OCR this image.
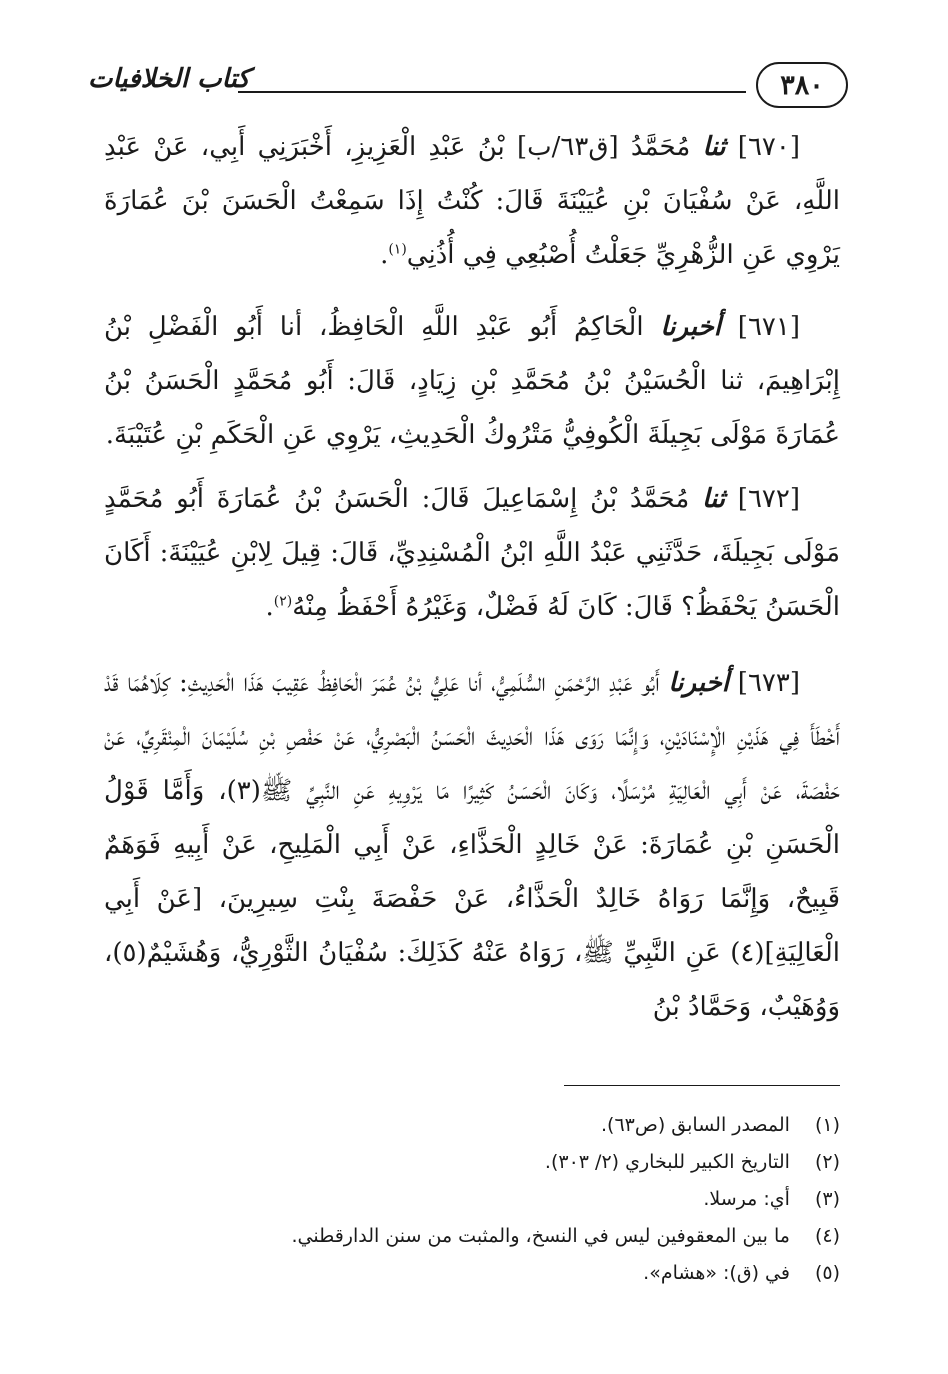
٣٨٠
كتاب الخلافيات

[٦٧٠] ثنا مُحَمَّدُ [ق٦٣/ب] بْنُ عَبْدِ الْعَزِيزِ، أَخْبَرَنِي أَبِي، عَنْ عَبْدِ اللَّهِ، عَنْ سُفْيَانَ بْنِ عُيَيْنَةَ قَالَ: كُنْتُ إِذَا سَمِعْتُ الْحَسَنَ بْنَ عُمَارَةَ يَرْوِي عَنِ الزُّهْرِيِّ جَعَلْتُ أُصْبُعِي فِي أُذُنِي$^{(١)}$.

[٦٧١] أخبرنا الْحَاكِمُ أَبُو عَبْدِ اللَّهِ الْحَافِظُ، أنا أَبُو الْفَضْلِ بْنُ إِبْرَاهِيمَ، ثنا الْحُسَيْنُ بْنُ مُحَمَّدِ بْنِ زِيَادٍ، قَالَ: أَبُو مُحَمَّدٍ الْحَسَنُ بْنُ عُمَارَةَ مَوْلَى بَجِيلَةَ الْكُوفِيُّ مَتْرُوكُ الْحَدِيثِ، يَرْوِي عَنِ الْحَكَمِ بْنِ عُتَيْبَةَ.

[٦٧٢] ثنا مُحَمَّدُ بْنُ إِسْمَاعِيلَ قَالَ: الْحَسَنُ بْنُ عُمَارَةَ أَبُو مُحَمَّدٍ مَوْلَى بَجِيلَةَ، حَدَّثَنِي عَبْدُ اللَّهِ ابْنُ الْمُسْنِدِيِّ، قَالَ: قِيلَ لِابْنِ عُيَيْنَةَ: أَكَانَ الْحَسَنُ يَحْفَظُ؟ قَالَ: كَانَ لَهُ فَضْلٌ، وَغَيْرُهُ أَحْفَظُ مِنْهُ$^{(٢)}$.

[٦٧٣] أخبرنا أَبُو عَبْدِ الرَّحْمَنِ السُّلَمِيُّ، أنا عَلِيُّ بْنُ عُمَرَ الْحَافِظُ عَقِيبَ هَذَا الْحَدِيثِ: كِلَاهُمَا قَدْ أَخْطَأَ فِي هَذَيْنِ الْإِسْنَادَيْنِ، وَإِنَّمَا رَوَى هَذَا الْحَدِيثَ الْحَسَنُ الْبَصْرِيُّ، عَنْ حَفْصِ بْنِ سُلَيْمَانَ الْمِنْقَرِيِّ، عَنْ حَفْصَةَ، عَنْ أَبِي الْعَالِيَةِ مُرْسَلًا، وَكَانَ الْحَسَنُ كَثِيرًا مَا يَرْوِيهِ عَنِ النَّبِيِّ ﷺ(٣)، وَأَمَّا قَوْلُ الْحَسَنِ بْنِ عُمَارَةَ: عَنْ خَالِدٍ الْحَذَّاءِ، عَنْ أَبِي الْمَلِيحِ، عَنْ أَبِيهِ فَوَهَمٌ قَبِيحٌ، وَإِنَّمَا رَوَاهُ خَالِدٌ الْحَذَّاءُ، عَنْ حَفْصَةَ بِنْتِ سِيرِينَ، [عَنْ أَبِي الْعَالِيَةِ](٤) عَنِ النَّبِيِّ ﷺ، رَوَاهُ عَنْهُ كَذَلِكَ: سُفْيَانُ الثَّوْرِيُّ، وَهُشَيْمٌ(٥)، وَوُهَيْبٌ، وَحَمَّادُ بْنُ

(١) المصدر السابق (ص٦٣).
(٢) التاريخ الكبير للبخاري (٢/ ٣٠٣).
(٣) أي: مرسلا.
(٤) ما بين المعقوفين ليس في النسخ، والمثبت من سنن الدارقطني.
(٥) في (ق): «هشام».
